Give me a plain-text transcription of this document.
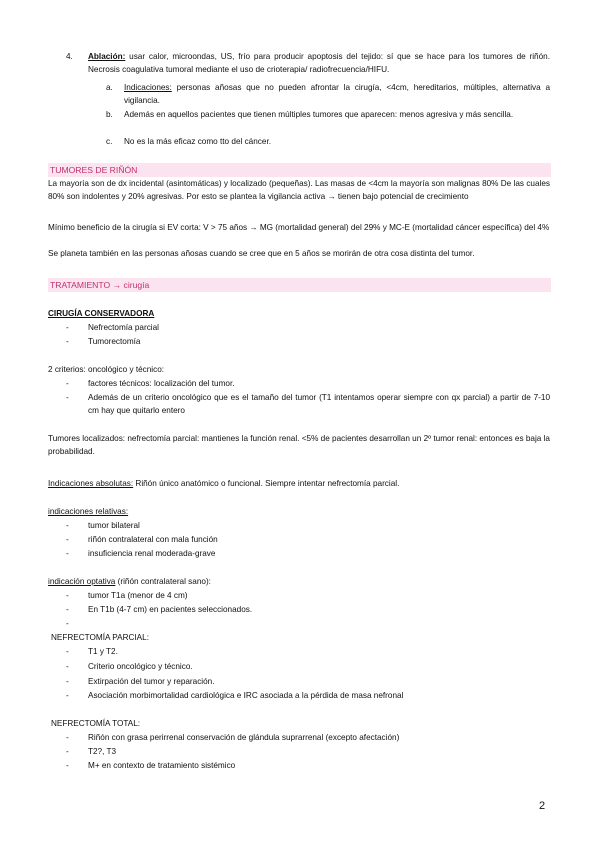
4. Ablación: usar calor, microondas, US, frío para producir apoptosis del tejido: sí que se hace para los tumores de riñón. Necrosis coagulativa tumoral mediante el uso de crioterapia/ radiofrecuencia/HIFU.
a. Indicaciones: personas añosas que no pueden afrontar la cirugía, <4cm, hereditarios, múltiples, alternativa a vigilancia.
b. Además en aquellos pacientes que tienen múltiples tumores que aparecen: menos agresiva y más sencilla.
c. No es la más eficaz como tto del cáncer.
TUMORES DE RIÑÓN
La mayoría son de dx incidental (asintomáticas) y localizado (pequeñas). Las masas de <4cm la mayoría son malignas 80% De las cuales 80% son indolentes y 20% agresivas. Por esto se plantea la vigilancia activa → tienen bajo potencial de crecimiento
Mínimo beneficio de la cirugía si EV corta: V > 75 años → MG (mortalidad general) del 29% y MC-E (mortalidad cáncer específica) del 4%
Se planeta también en las personas añosas cuando se cree que en 5 años se morirán de otra cosa distinta del tumor.
TRATAMIENTO → cirugía
CIRUGÍA CONSERVADORA
-	Nefrectomía parcial
-	Tumorectomía
2 criterios: oncológico y técnico:
-	factores técnicos: localización del tumor.
-	Además de un criterio oncológico que es el tamaño del tumor (T1 intentamos operar siempre con qx parcial) a partir de 7-10 cm hay que quitarlo entero
Tumores localizados: nefrectomía parcial: mantienes la función renal. <5% de pacientes desarrollan un 2º tumor renal: entonces es baja la probabilidad.
Indicaciones absolutas: Riñón único anatómico o funcional. Siempre intentar nefrectomía parcial.
indicaciones relativas:
-	tumor bilateral
-	riñón contralateral con mala función
-	insuficiencia renal moderada-grave
indicación optativa (riñón contralateral sano):
-	tumor T1a (menor de 4 cm)
-	En T1b (4-7 cm) en pacientes seleccionados.
-
NEFRECTOMÍA PARCIAL:
-	T1 y T2.
-	Criterio oncológico y técnico.
-	Extirpación del tumor y reparación.
-	Asociación morbimortalidad cardiológica e IRC asociada a la pérdida de masa nefronal
NEFRECTOMÍA TOTAL:
-	Riñón con grasa perirrenal conservación de glándula suprarrenal (excepto afectación)
-	T2?, T3
-	M+ en contexto de tratamiento sistémico
2
